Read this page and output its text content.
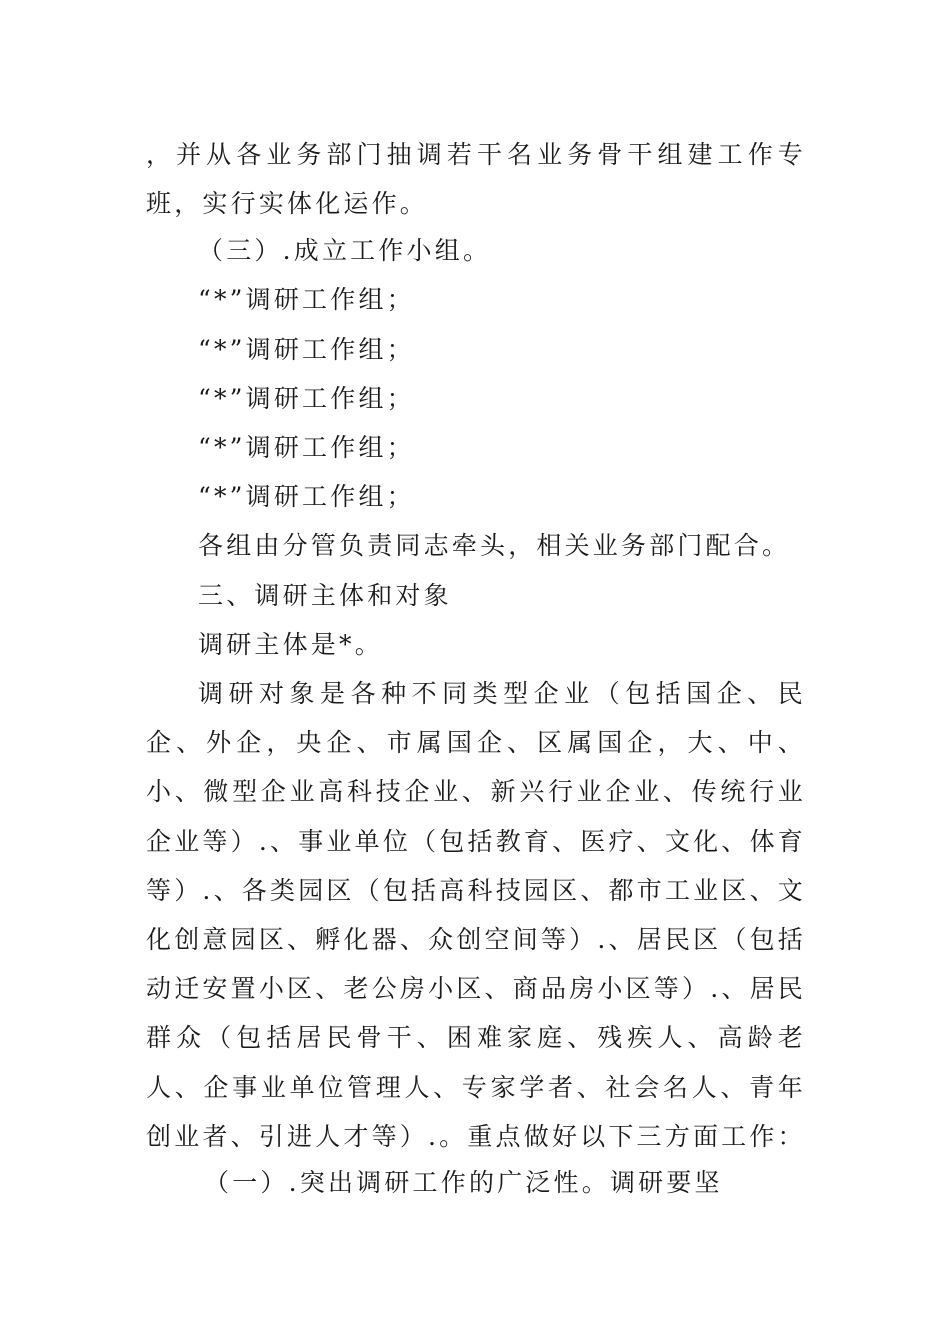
，并从各业务部门抽调若干名业务骨干组建工作专班，实行实体化运作。

（三）.成立工作小组。

“*”调研工作组；

“*”调研工作组；

“*”调研工作组；

“*”调研工作组；

“*”调研工作组；

各组由分管负责同志牵头，相关业务部门配合。

三、调研主体和对象

调研主体是*。

调研对象是各种不同类型企业（包括国企、民企、外企，央企、市属国企、区属国企，大、中、小、微型企业高科技企业、新兴行业企业、传统行业企业等）.、事业单位（包括教育、医疗、文化、体育等）.、各类园区（包括高科技园区、都市工业区、文化创意园区、孵化器、众创空间等）.、居民区（包括动迁安置小区、老公房小区、商品房小区等）.、居民群众（包括居民骨干、困难家庭、残疾人、高龄老人、企事业单位管理人、专家学者、社会名人、青年创业者、引进人才等）.。重点做好以下三方面工作：

（一）.突出调研工作的广泛性。调研要坚
